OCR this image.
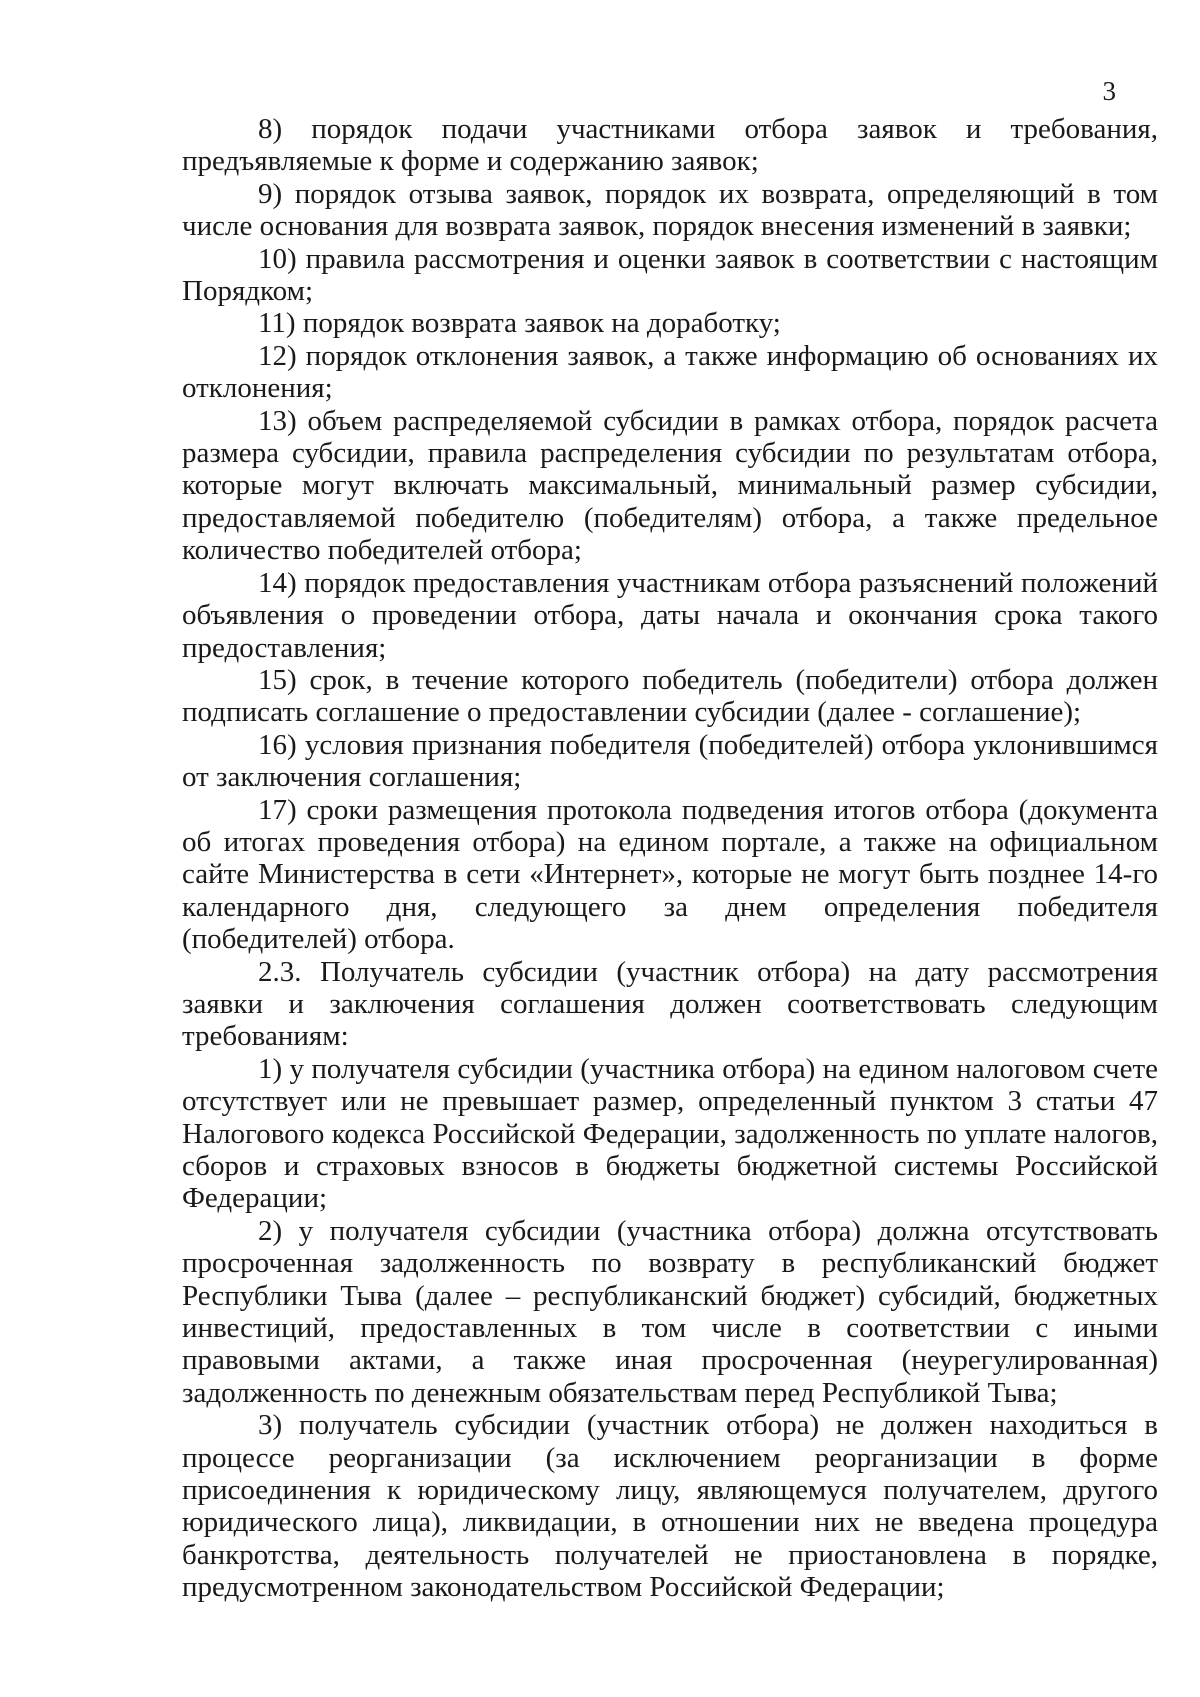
3

8) порядок подачи участниками отбора заявок и требования, предъявляемые к форме и содержанию заявок;

9) порядок отзыва заявок, порядок их возврата, определяющий в том числе основания для возврата заявок, порядок внесения изменений в заявки;

10) правила рассмотрения и оценки заявок в соответствии с настоящим Порядком;

11) порядок возврата заявок на доработку;

12) порядок отклонения заявок, а также информацию об основаниях их отклонения;

13) объем распределяемой субсидии в рамках отбора, порядок расчета размера субсидии, правила распределения субсидии по результатам отбора, которые могут включать максимальный, минимальный размер субсидии, предоставляемой победителю (победителям) отбора, а также предельное количество победителей отбора;

14) порядок предоставления участникам отбора разъяснений положений объявления о проведении отбора, даты начала и окончания срока такого предоставления;

15) срок, в течение которого победитель (победители) отбора должен подписать соглашение о предоставлении субсидии (далее - соглашение);

16) условия признания победителя (победителей) отбора уклонившимся от заключения соглашения;

17) сроки размещения протокола подведения итогов отбора (документа об итогах проведения отбора) на едином портале, а также на официальном сайте Министерства в сети «Интернет», которые не могут быть позднее 14-го календарного дня, следующего за днем определения победителя (победителей) отбора.

2.3. Получатель субсидии (участник отбора) на дату рассмотрения заявки и заключения соглашения должен соответствовать следующим требованиям:

1) у получателя субсидии (участника отбора) на едином налоговом счете отсутствует или не превышает размер, определенный пунктом 3 статьи 47 Налогового кодекса Российской Федерации, задолженность по уплате налогов, сборов и страховых взносов в бюджеты бюджетной системы Российской Федерации;

2) у получателя субсидии (участника отбора) должна отсутствовать просроченная задолженность по возврату в республиканский бюджет Республики Тыва (далее – республиканский бюджет) субсидий, бюджетных инвестиций, предоставленных в том числе в соответствии с иными правовыми актами, а также иная просроченная (неурегулированная) задолженность по денежным обязательствам перед Республикой Тыва;

3) получатель субсидии (участник отбора) не должен находиться в процессе реорганизации (за исключением реорганизации в форме присоединения к юридическому лицу, являющемуся получателем, другого юридического лица), ликвидации, в отношении них не введена процедура банкротства, деятельность получателей не приостановлена в порядке, предусмотренном законодательством Российской Федерации;
